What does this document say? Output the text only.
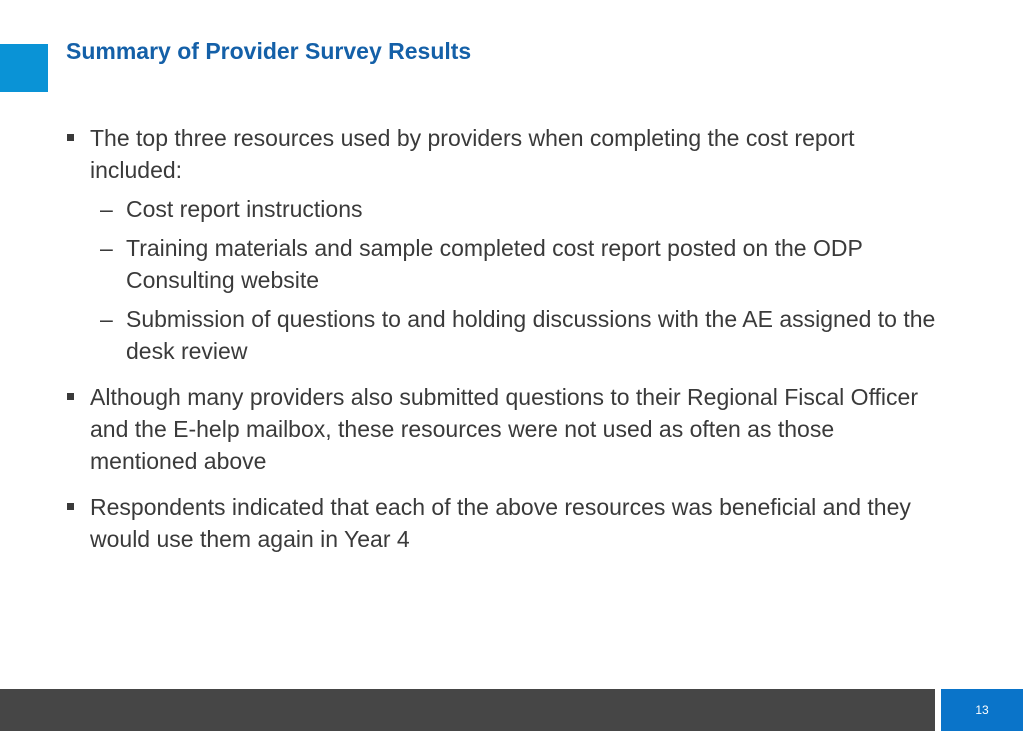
Summary of Provider Survey Results
The top three resources used by providers when completing the cost report included:
– Cost report instructions
– Training materials and sample completed cost report posted on the ODP Consulting website
– Submission of questions to and holding discussions with the AE assigned to the desk review
Although many providers also submitted questions to their Regional Fiscal Officer and the E-help mailbox, these resources were not used as often as those mentioned above
Respondents indicated that each of the above resources was beneficial and they would use them again in Year 4
13
